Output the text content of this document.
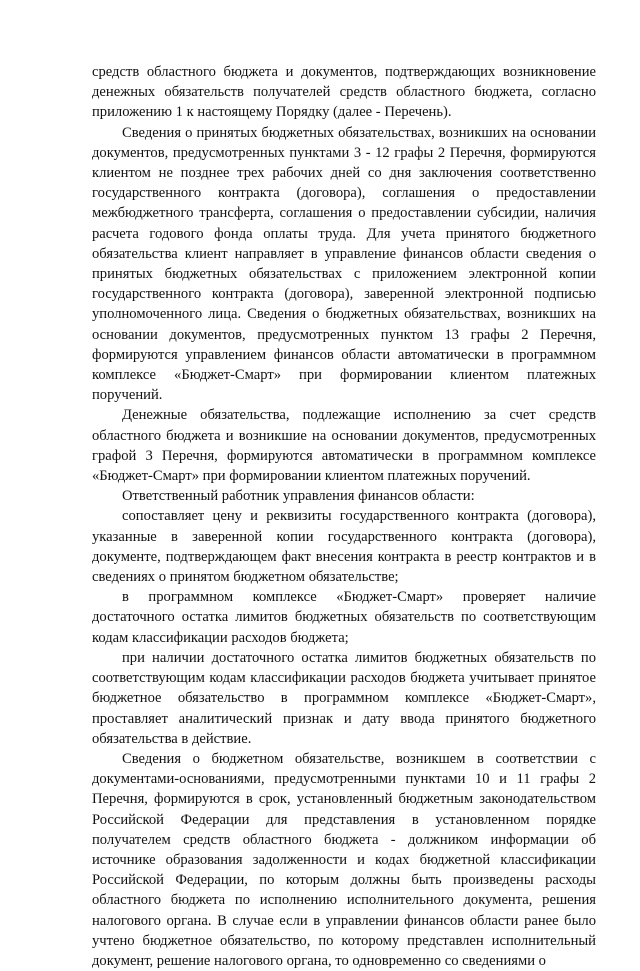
средств областного бюджета и документов, подтверждающих возникновение денежных обязательств получателей средств областного бюджета, согласно приложению 1 к настоящему Порядку (далее - Перечень).

Сведения о принятых бюджетных обязательствах, возникших на основании документов, предусмотренных пунктами 3 - 12 графы 2 Перечня, формируются клиентом не позднее трех рабочих дней со дня заключения соответственно государственного контракта (договора), соглашения о предоставлении межбюджетного трансферта, соглашения о предоставлении субсидии, наличия расчета годового фонда оплаты труда. Для учета принятого бюджетного обязательства клиент направляет в управление финансов области сведения о принятых бюджетных обязательствах с приложением электронной копии государственного контракта (договора), заверенной электронной подписью уполномоченного лица. Сведения о бюджетных обязательствах, возникших на основании документов, предусмотренных пунктом 13 графы 2 Перечня, формируются управлением финансов области автоматически в программном комплексе «Бюджет-Смарт» при формировании клиентом платежных поручений.

Денежные обязательства, подлежащие исполнению за счет средств областного бюджета и возникшие на основании документов, предусмотренных графой 3 Перечня, формируются автоматически в программном комплексе «Бюджет-Смарт» при формировании клиентом платежных поручений.

Ответственный работник управления финансов области:

сопоставляет цену и реквизиты государственного контракта (договора), указанные в заверенной копии государственного контракта (договора), документе, подтверждающем факт внесения контракта в реестр контрактов и в сведениях о принятом бюджетном обязательстве;

в программном комплексе «Бюджет-Смарт» проверяет наличие достаточного остатка лимитов бюджетных обязательств по соответствующим кодам классификации расходов бюджета;

при наличии достаточного остатка лимитов бюджетных обязательств по соответствующим кодам классификации расходов бюджета учитывает принятое бюджетное обязательство в программном комплексе «Бюджет-Смарт», проставляет аналитический признак и дату ввода принятого бюджетного обязательства в действие.

Сведения о бюджетном обязательстве, возникшем в соответствии с документами-основаниями, предусмотренными пунктами 10 и 11 графы 2 Перечня, формируются в срок, установленный бюджетным законодательством Российской Федерации для представления в установленном порядке получателем средств областного бюджета - должником информации об источнике образования задолженности и кодах бюджетной классификации Российской Федерации, по которым должны быть произведены расходы областного бюджета по исполнению исполнительного документа, решения налогового органа. В случае если в управлении финансов области ранее было учтено бюджетное обязательство, по которому представлен исполнительный документ, решение налогового органа, то одновременно со сведениями о
